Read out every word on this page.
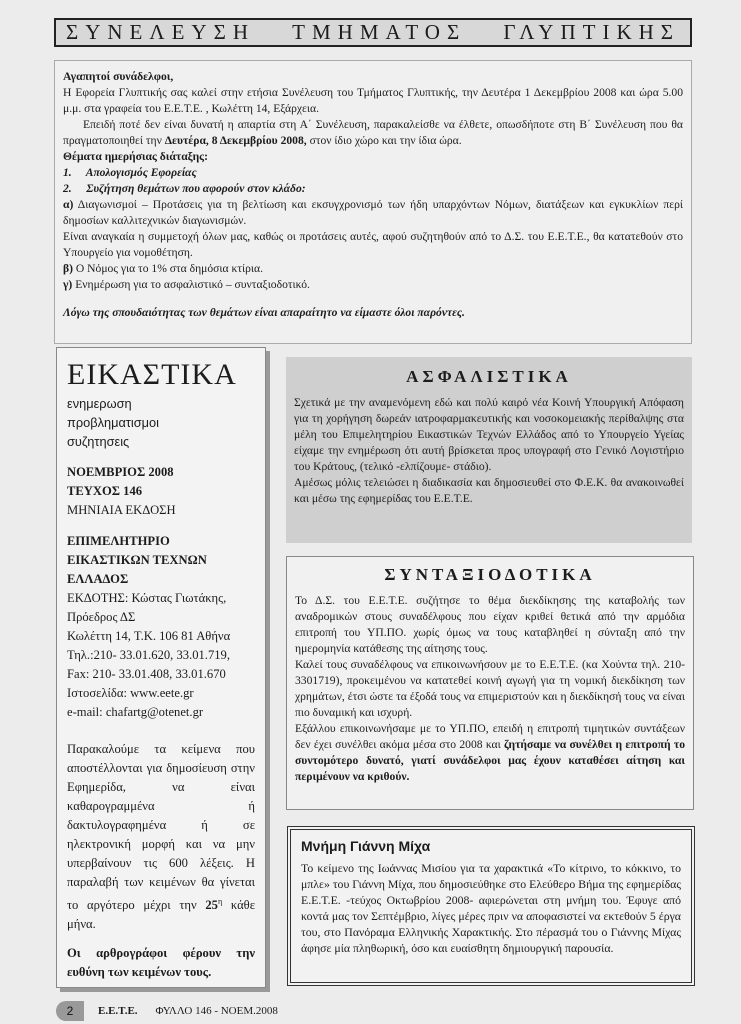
ΣΥΝΕΛΕΥΣΗ ΤΜΗΜΑΤΟΣ ΓΛΥΠΤΙΚΗΣ

Αγαπητοί συνάδελφοι,

Η Εφορεία Γλυπτικής σας καλεί στην ετήσια Συνέλευση του Τμήματος Γλυπτικής, την Δευτέρα 1 Δεκεμβρίου 2008 και ώρα 5.00 μ.μ. στα γραφεία του Ε.Ε.Τ.Ε. , Κωλέττη 14, Εξάρχεια.

Επειδή ποτέ δεν είναι δυνατή η απαρτία στη Α΄ Συνέλευση, παρακαλείσθε να έλθετε, οπωσδήποτε στη Β΄ Συνέλευση που θα πραγματοποιηθεί την Δευτέρα, 8 Δεκεμβρίου 2008, στον ίδιο χώρο και την ίδια ώρα.

Θέματα ημερήσιας διάταξης:

1.     Απολογισμός Εφορείας

2.     Συζήτηση θεμάτων που αφορούν στον κλάδο:

α) Διαγωνισμοί – Προτάσεις για τη βελτίωση και εκσυγχρονισμό των ήδη υπαρχόντων Νόμων, διατάξεων και εγκυκλίων περί δημοσίων καλλιτεχνικών διαγωνισμών.

Είναι αναγκαία η συμμετοχή όλων μας, καθώς οι προτάσεις αυτές, αφού συζητηθούν από το Δ.Σ. του Ε.Ε.Τ.Ε., θα κατατεθούν στο Υπουργείο για νομοθέτηση.

β) Ο Νόμος για το 1% στα δημόσια κτίρια.

γ) Ενημέρωση για το ασφαλιστικό – συνταξιοδοτικό.

Λόγω της σπουδαιότητας των θεμάτων είναι απαραίτητο να είμαστε όλοι παρόντες.

ΕΙΚΑΣΤΙΚΑ

ενημερωση

προβληματισμοι

συζητησεις

ΝΟΕΜΒΡΙΟΣ 2008

ΤΕΥΧΟΣ 146

ΜΗΝΙΑΙΑ ΕΚΔΟΣΗ

ΕΠΙΜΕΛΗΤΗΡΙΟ

ΕΙΚΑΣΤΙΚΩΝ ΤΕΧΝΩΝ

ΕΛΛΑΔΟΣ

ΕΚΔΟΤΗΣ: Κώστας Γιωτάκης,

Πρόεδρος ΔΣ

Κωλέττη 14, Τ.Κ. 106 81 Αθήνα

Τηλ.:210- 33.01.620, 33.01.719,

Fax: 210- 33.01.408, 33.01.670

Ιστοσελίδα: www.eete.gr

e-mail: chafartg@otenet.gr

Παρακαλούμε τα κείμενα που αποστέλλονται για δημοσίευση στην Εφημερίδα, να είναι καθαρογραμμένα ή δακτυλογραφημένα ή σε ηλεκτρονική μορφή και να μην υπερβαίνουν τις 600 λέξεις. Η παραλαβή των κειμένων θα γίνεται το αργότερο μέχρι την $25^\eta$ κάθε μήνα.

Οι αρθρογράφοι φέρουν την ευθύνη των κειμένων τους.

ΑΣΦΑΛΙΣΤΙΚΑ

Σχετικά με την αναμενόμενη εδώ και πολύ καιρό νέα Κοινή Υπουργική Απόφαση για τη χορήγηση δωρεάν ιατροφαρμακευτικής και νοσοκομειακής περίθαλψης στα μέλη του Επιμελητηρίου Εικαστικών Τεχνών Ελλάδος από το Υπουργείο Υγείας είχαμε την ενημέρωση ότι αυτή βρίσκεται προς υπογραφή στο Γενικό Λογιστήριο του Κράτους, (τελικό -ελπίζουμε- στάδιο).

Αμέσως μόλις τελειώσει η διαδικασία και δημοσιευθεί στο Φ.Ε.Κ. θα ανακοινωθεί και μέσω της εφημερίδας του Ε.Ε.Τ.Ε.

ΣΥΝΤΑΞΙΟΔΟΤΙΚΑ

Το Δ.Σ. του Ε.Ε.Τ.Ε. συζήτησε το θέμα διεκδίκησης της καταβολής των αναδρομικών στους συναδέλφους που είχαν κριθεί θετικά από την αρμόδια επιτροπή του ΥΠ.ΠΟ. χωρίς όμως να τους καταβληθεί η σύνταξη από την ημερομηνία κατάθεσης της αίτησης τους.

Καλεί τους συναδέλφους να επικοινωνήσουν με το Ε.Ε.Τ.Ε. (κα Χούντα τηλ. 210-3301719), προκειμένου να κατατεθεί κοινή αγωγή για τη νομική διεκδίκηση των χρημάτων, έτσι ώστε τα έξοδά τους να επιμεριστούν και η διεκδίκησή τους να είναι πιο δυναμική και ισχυρή.

Εξάλλου επικοινωνήσαμε με το ΥΠ.ΠΟ, επειδή η επιτροπή τιμητικών συντάξεων δεν έχει συνέλθει ακόμα μέσα στο 2008 και ζητήσαμε να συνέλθει η επιτροπή το συντομότερο δυνατό, γιατί συνάδελφοι μας έχουν καταθέσει αίτηση και περιμένουν να κριθούν.

Μνήμη Γιάννη Μίχα

Το κείμενο της Ιωάννας Μισίου για τα χαρακτικά «Το κίτρινο, το κόκκινο, το μπλε» του Γιάννη Μίχα, που δημοσιεύθηκε στο Ελεύθερο Βήμα της εφημερίδας Ε.Ε.Τ.Ε. -τεύχος Οκτωβρίου 2008- αφιερώνεται στη μνήμη του. Έφυγε από κοντά μας τον Σεπτέμβριο, λίγες μέρες πριν να αποφασιστεί να εκτεθούν 5 έργα του, στο Πανόραμα Ελληνικής Χαρακτικής. Στο πέρασμά του ο Γιάννης Μίχας άφησε μία πληθωρική, όσο και ευαίσθητη δημιουργική παρουσία.

2	Ε.Ε.Τ.Ε. ΦΥΛΛΟ 146 - ΝΟΕΜ.2008
